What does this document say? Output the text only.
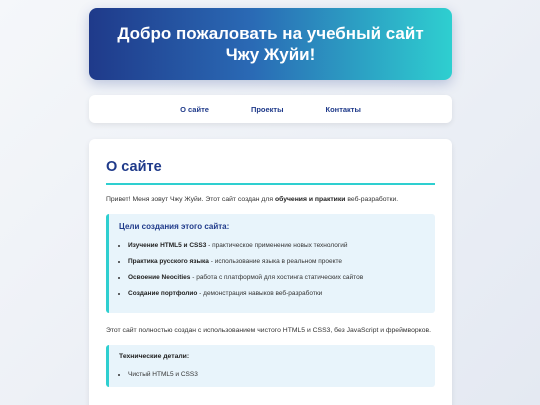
Добро пожаловать на учебный сайт Чжу Жуйи!
О сайте	Проекты	Контакты
О сайте

Привет! Меня зовут Чжу Жуйи. Этот сайт создан для обучения и практики веб-разработки.

Цели создания этого сайта:
• Изучение HTML5 и CSS3 - практическое применение новых технологий
• Практика русского языка - использование языка в реальном проекте
• Освоение Neocities - работа с платформой для хостинга статических сайтов
• Создание портфолио - демонстрация навыков веб-разработки

Этот сайт полностью создан с использованием чистого HTML5 и CSS3, без JavaScript и фреймворков.

Технические детали:
• Чистый HTML5 и CSS3
